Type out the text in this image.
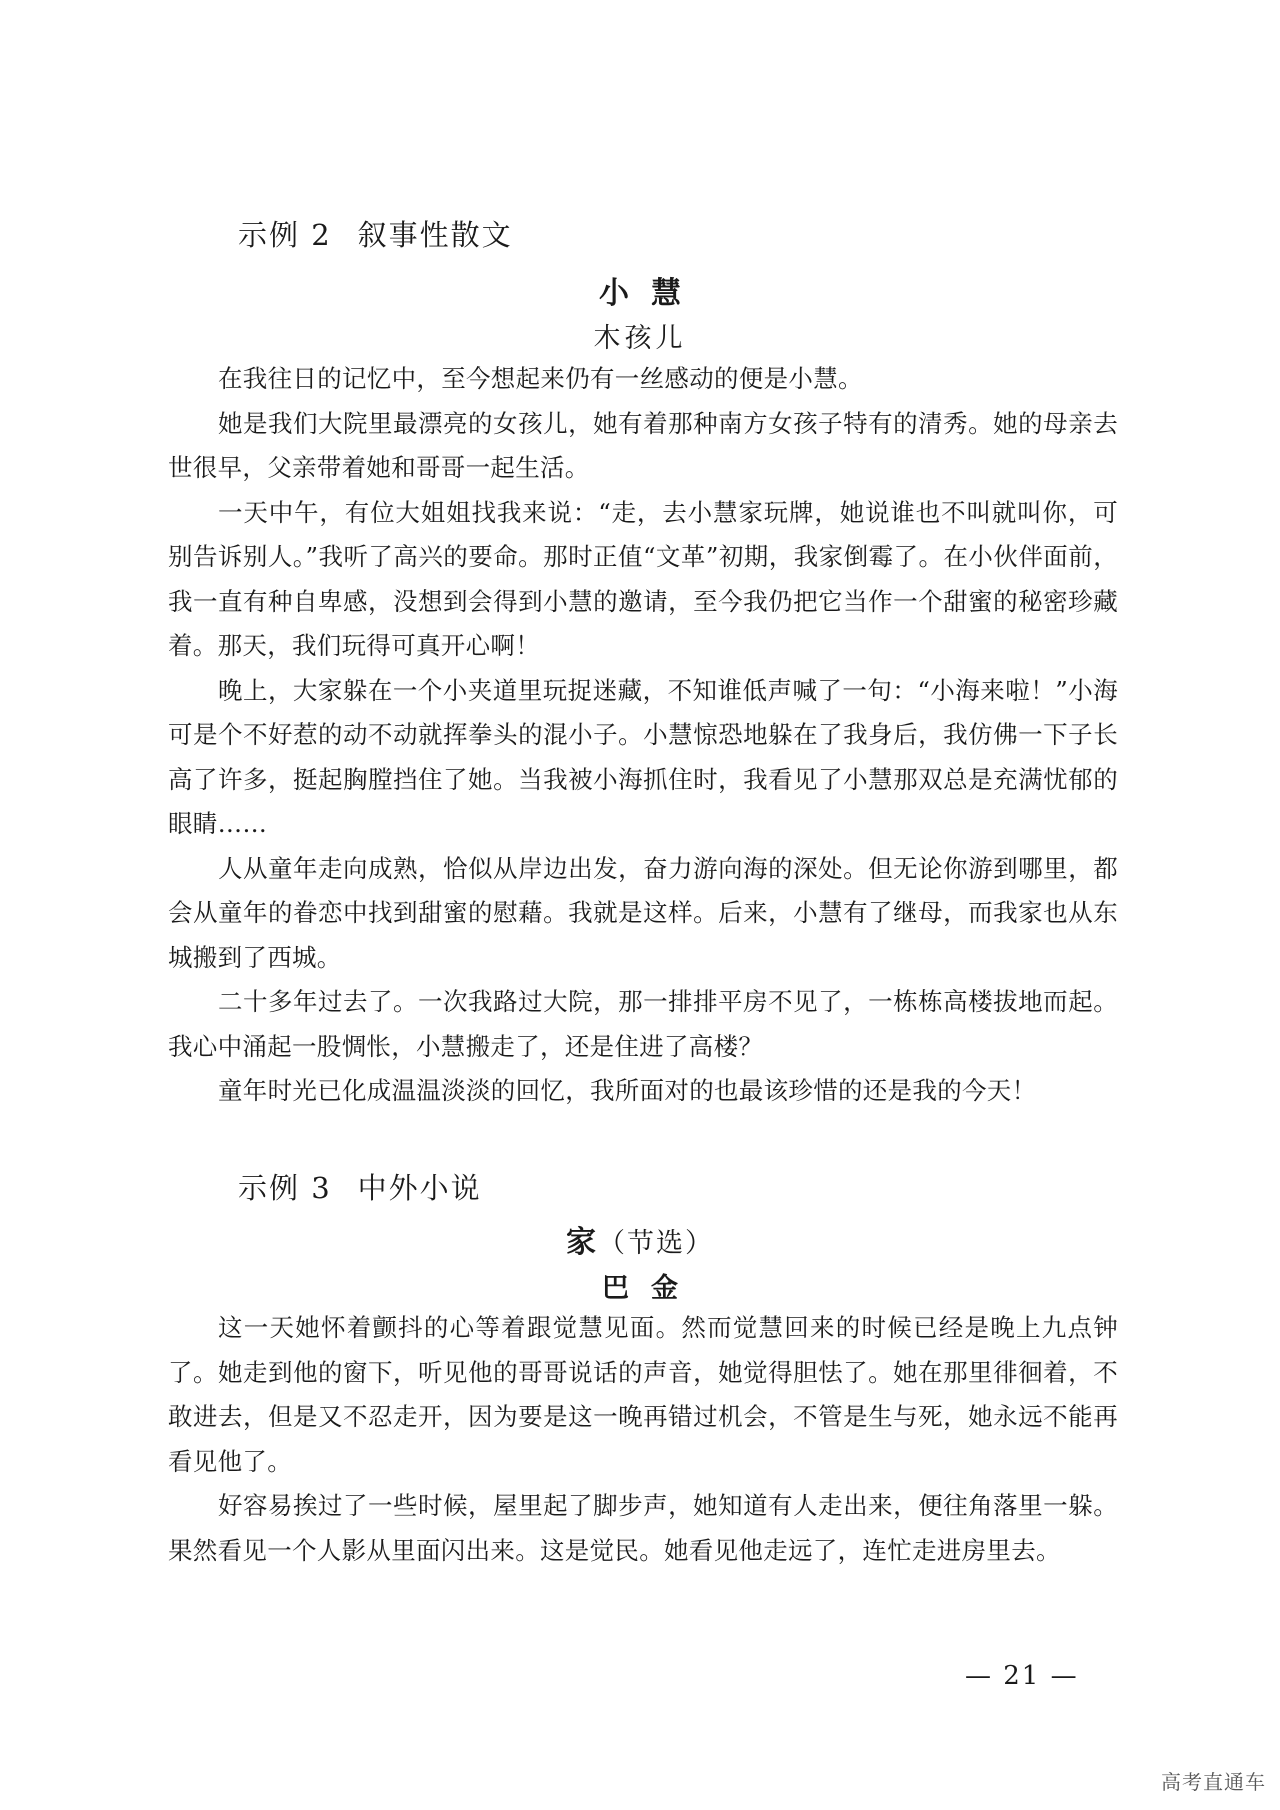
示例 2 叙事性散文
小慧
木孩儿

在我往日的记忆中，至今想起来仍有一丝感动的便是小慧。

她是我们大院里最漂亮的女孩儿，她有着那种南方女孩子特有的清秀。她的母亲去世很早，父亲带着她和哥哥一起生活。

一天中午，有位大姐姐找我来说：“走，去小慧家玩牌，她说谁也不叫就叫你，可别告诉别人。”我听了高兴的要命。那时正值“文革”初期，我家倒霉了。在小伙伴面前，我一直有种自卑感，没想到会得到小慧的邀请，至今我仍把它当作一个甜蜜的秘密珍藏着。那天，我们玩得可真开心啊！

晚上，大家躲在一个小夹道里玩捉迷藏，不知谁低声喊了一句：“小海来啦！”小海可是个不好惹的动不动就挥拳头的混小子。小慧惊恐地躲在了我身后，我仿佛一下子长高了许多，挺起胸膛挡住了她。当我被小海抓住时，我看见了小慧那双总是充满忧郁的眼睛……

人从童年走向成熟，恰似从岸边出发，奋力游向海的深处。但无论你游到哪里，都会从童年的眷恋中找到甜蜜的慰藉。我就是这样。后来，小慧有了继母，而我家也从东城搬到了西城。

二十多年过去了。一次我路过大院，那一排排平房不见了，一栋栋高楼拔地而起。我心中涌起一股惆怅，小慧搬走了，还是住进了高楼？

童年时光已化成温温淡淡的回忆，我所面对的也最该珍惜的还是我的今天！

示例 3 中外小说
家（节选）
巴金

这一天她怀着颤抖的心等着跟觉慧见面。然而觉慧回来的时候已经是晚上九点钟了。她走到他的窗下，听见他的哥哥说话的声音，她觉得胆怯了。她在那里徘徊着，不敢进去，但是又不忍走开，因为要是这一晚再错过机会，不管是生与死，她永远不能再看见他了。

好容易挨过了一些时候，屋里起了脚步声，她知道有人走出来，便往角落里一躲。果然看见一个人影从里面闪出来。这是觉民。她看见他走远了，连忙走进房里去。

— 21 —
高考直通车
